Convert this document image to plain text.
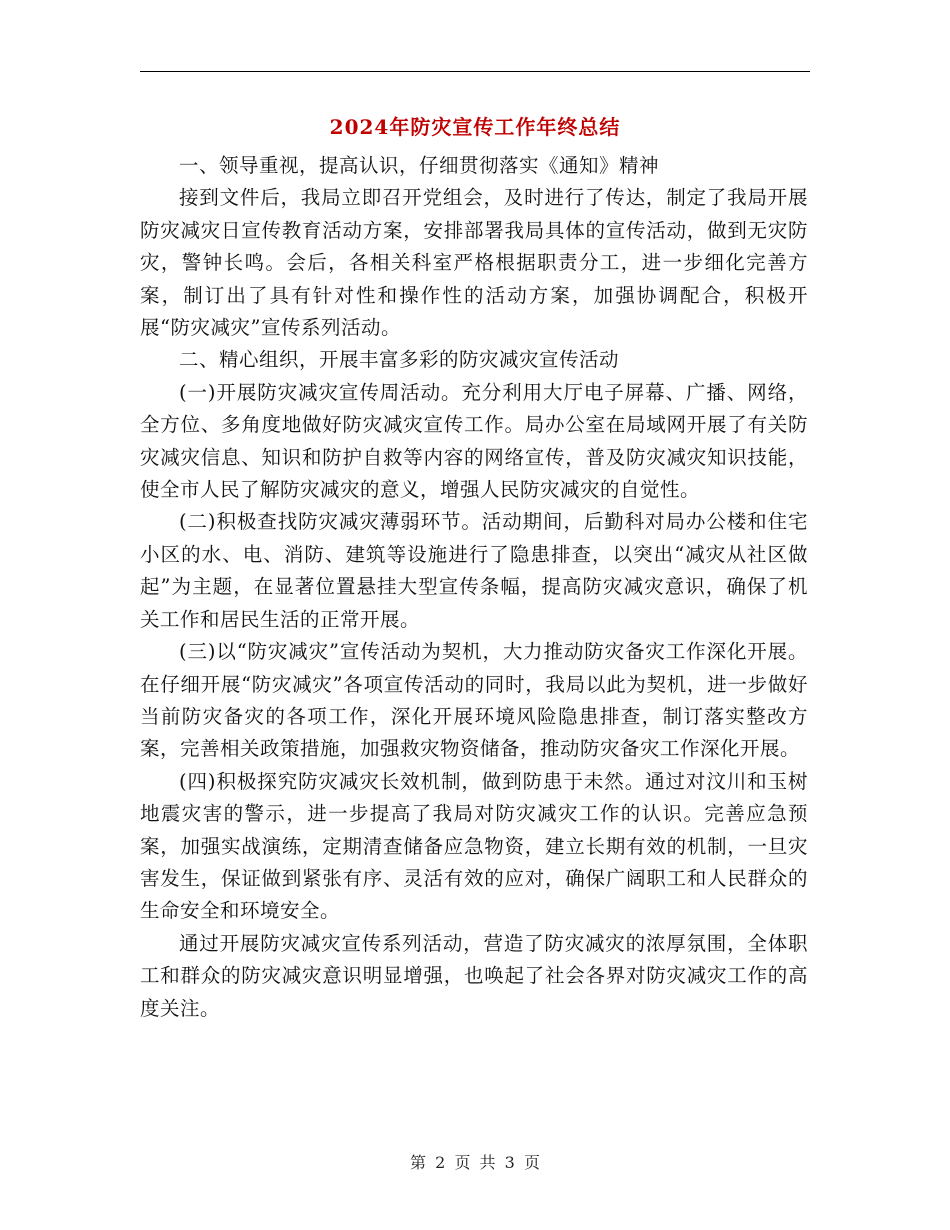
2024年防灾宣传工作年终总结

一、领导重视，提高认识，仔细贯彻落实《通知》精神

接到文件后，我局立即召开党组会，及时进行了传达，制定了我局开展防灾减灾日宣传教育活动方案，安排部署我局具体的宣传活动，做到无灾防灾，警钟长鸣。会后，各相关科室严格根据职责分工，进一步细化完善方案，制订出了具有针对性和操作性的活动方案，加强协调配合，积极开展“防灾减灾”宣传系列活动。

二、精心组织，开展丰富多彩的防灾减灾宣传活动

(一)开展防灾减灾宣传周活动。充分利用大厅电子屏幕、广播、网络，全方位、多角度地做好防灾减灾宣传工作。局办公室在局域网开展了有关防灾减灾信息、知识和防护自救等内容的网络宣传，普及防灾减灾知识技能，使全市人民了解防灾减灾的意义，增强人民防灾减灾的自觉性。

(二)积极查找防灾减灾薄弱环节。活动期间，后勤科对局办公楼和住宅小区的水、电、消防、建筑等设施进行了隐患排查，以突出“减灾从社区做起”为主题，在显著位置悬挂大型宣传条幅，提高防灾减灾意识，确保了机关工作和居民生活的正常开展。

(三)以“防灾减灾”宣传活动为契机，大力推动防灾备灾工作深化开展。在仔细开展“防灾减灾”各项宣传活动的同时，我局以此为契机，进一步做好当前防灾备灾的各项工作，深化开展环境风险隐患排查，制订落实整改方案，完善相关政策措施，加强救灾物资储备，推动防灾备灾工作深化开展。

(四)积极探究防灾减灾长效机制，做到防患于未然。通过对汶川和玉树地震灾害的警示，进一步提高了我局对防灾减灾工作的认识。完善应急预案，加强实战演练，定期清查储备应急物资，建立长期有效的机制，一旦灾害发生，保证做到紧张有序、灵活有效的应对，确保广阔职工和人民群众的生命安全和环境安全。

通过开展防灾减灾宣传系列活动，营造了防灾减灾的浓厚氛围，全体职工和群众的防灾减灾意识明显增强，也唤起了社会各界对防灾减灾工作的高度关注。

第 2 页 共 3 页
